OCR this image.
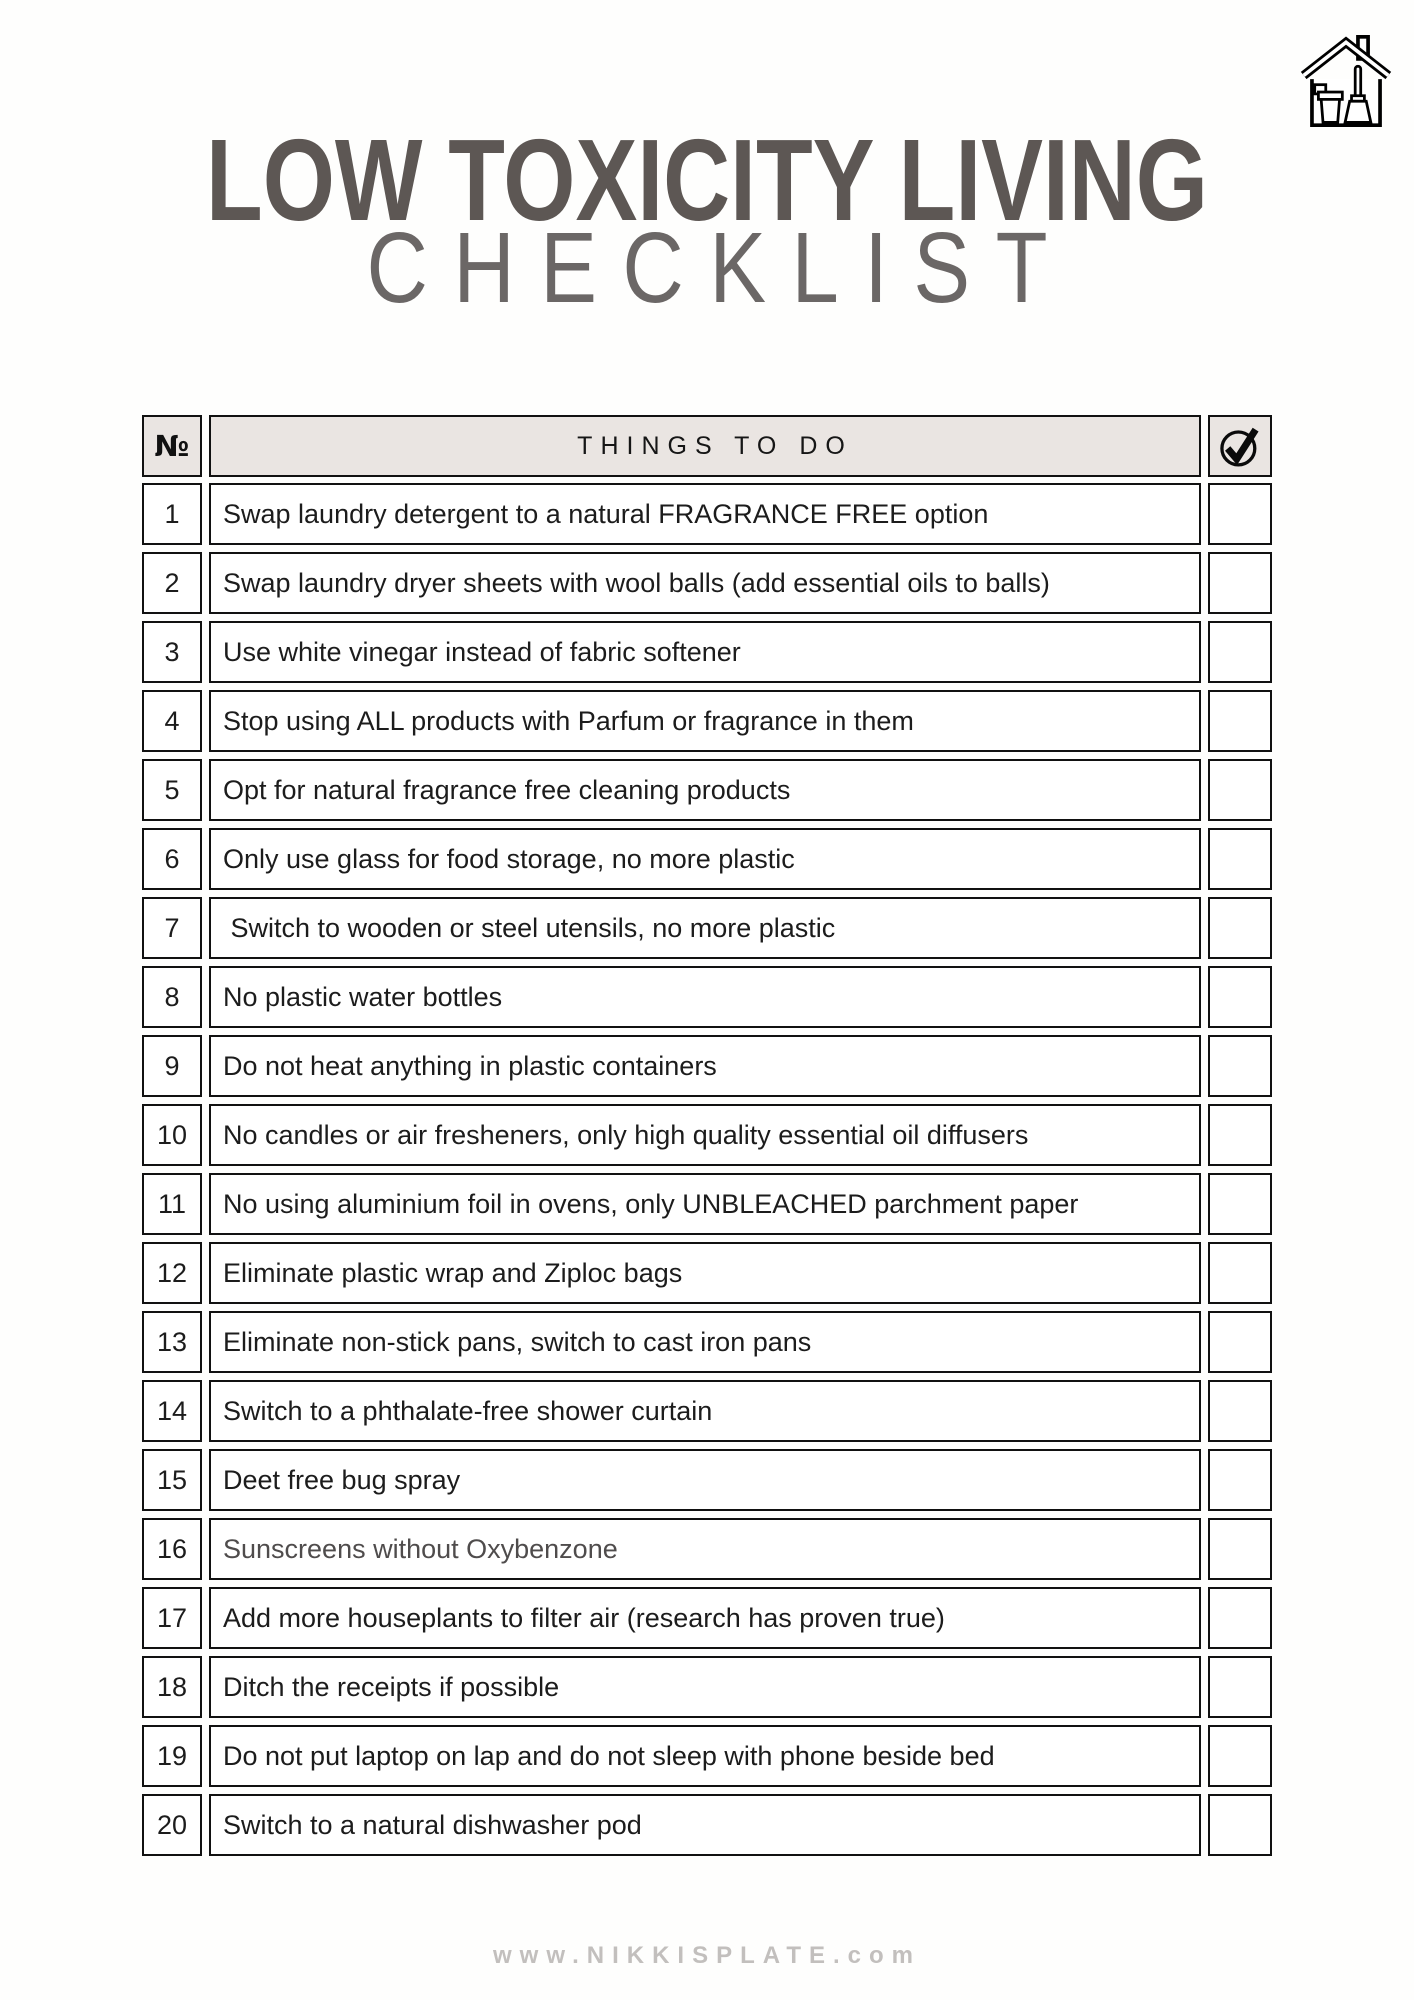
LOW TOXICITY LIVING
CHECKLIST
№	THINGS TO DO
1	Swap laundry detergent to a natural FRAGRANCE FREE option
2	Swap laundry dryer sheets with wool balls (add essential oils to balls)
3	Use white vinegar instead of fabric softener
4	Stop using ALL products with Parfum or fragrance in them
5	Opt for natural fragrance free cleaning products
6	Only use glass for food storage, no more plastic
7	Switch to wooden or steel utensils, no more plastic
8	No plastic water bottles
9	Do not heat anything in plastic containers
10	No candles or air fresheners, only high quality essential oil diffusers
11	No using aluminium foil in ovens, only UNBLEACHED parchment paper
12	Eliminate plastic wrap and Ziploc bags
13	Eliminate non-stick pans, switch to cast iron pans
14	Switch to a phthalate-free shower curtain
15	Deet free bug spray
16	Sunscreens without Oxybenzone
17	Add more houseplants to filter air (research has proven true)
18	Ditch the receipts if possible
19	Do not put laptop on lap and do not sleep with phone beside bed
20	Switch to a natural dishwasher pod
www.NIKKISPLATE.com
